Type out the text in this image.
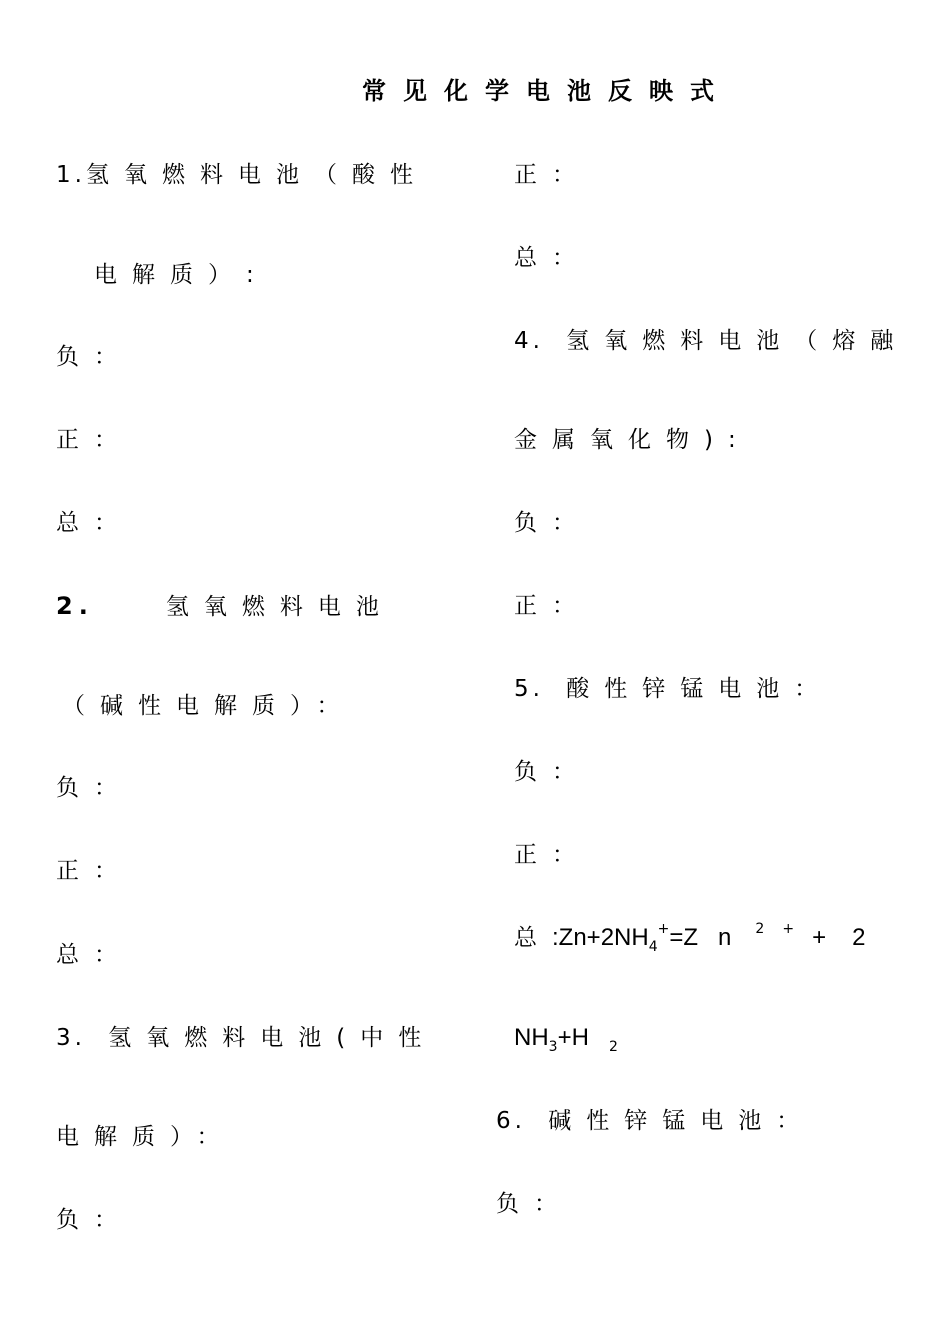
常见化学电池反映式
1.氢氧燃料电池（酸性
电解质）:
负：
正：
总：
2.	氢氧燃料电池
（碱性电解质）：
负：
正：
总：
3. 氢氧燃料电池(中性
电解质）：
负：
正：
总：
4. 氢氧燃料电池（熔融
金属氧化物):
负：
正：
5. 酸性锌锰电池：
负：
正：
总$:Zn+2NH_4^+=Z$ n $^2$ + + 2
$NH_3+H$ $_2$
6. 碱性锌锰电池：
负：
